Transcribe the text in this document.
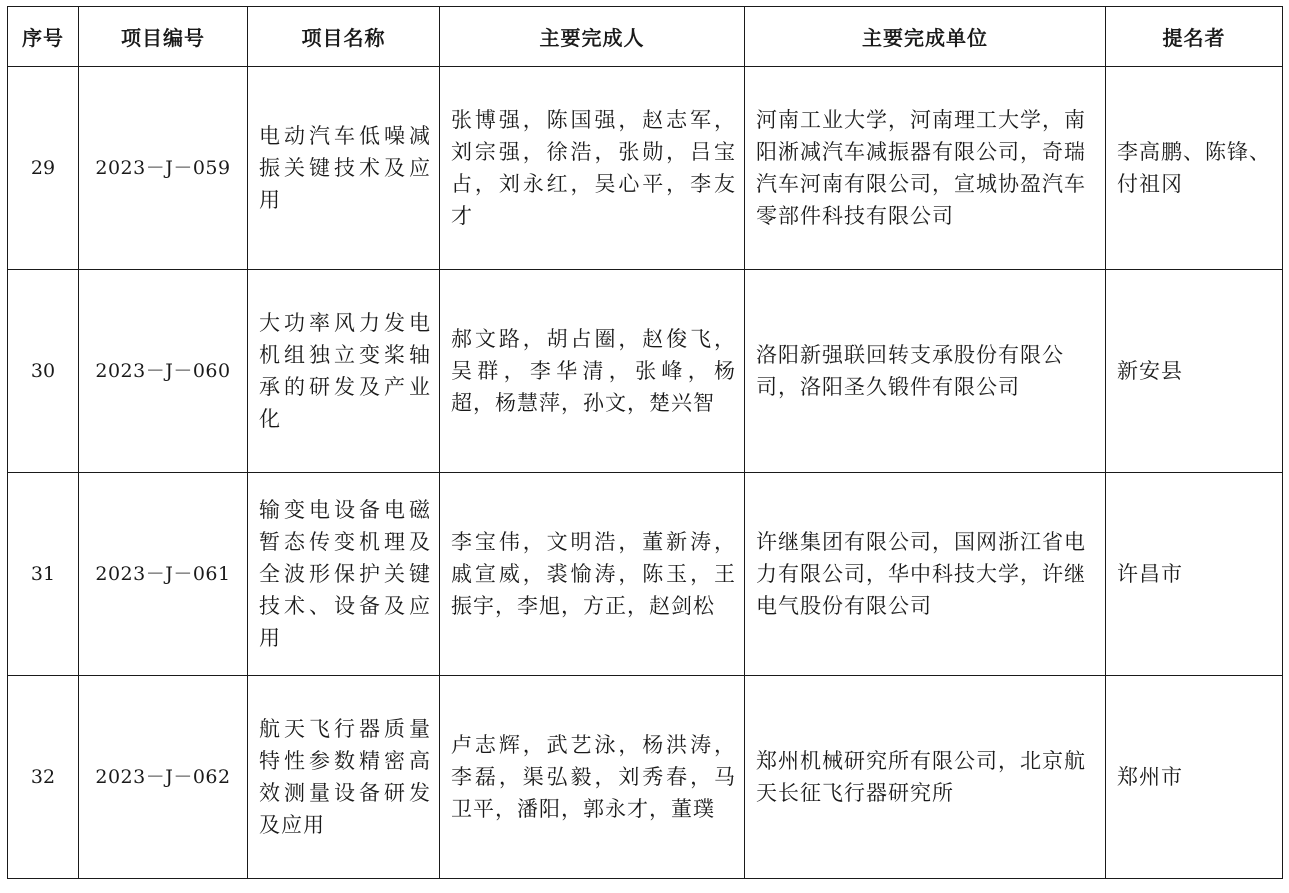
序号	项目编号	项目名称	主要完成人	主要完成单位	提名者
29	2023－J－059	电动汽车低噪减振关键技术及应用	张博强，陈国强，赵志军，刘宗强，徐浩，张勋，吕宝占，刘永红，吴心平，李友才	河南工业大学，河南理工大学，南阳淅减汽车减振器有限公司，奇瑞汽车河南有限公司，宣城协盈汽车零部件科技有限公司	李高鹏、陈锋、付祖冈
30	2023－J－060	大功率风力发电机组独立变桨轴承的研发及产业化	郝文路，胡占圈，赵俊飞，吴群，李华清，张峰，杨超，杨慧萍，孙文，楚兴智	洛阳新强联回转支承股份有限公司，洛阳圣久锻件有限公司	新安县
31	2023－J－061	输变电设备电磁暂态传变机理及全波形保护关键技术、设备及应用	李宝伟，文明浩，董新涛，戚宣威，裘愉涛，陈玉，王振宇，李旭，方正，赵剑松	许继集团有限公司，国网浙江省电力有限公司，华中科技大学，许继电气股份有限公司	许昌市
32	2023－J－062	航天飞行器质量特性参数精密高效测量设备研发及应用	卢志辉，武艺泳，杨洪涛，李磊，渠弘毅，刘秀春，马卫平，潘阳，郭永才，董璞	郑州机械研究所有限公司，北京航天长征飞行器研究所	郑州市
